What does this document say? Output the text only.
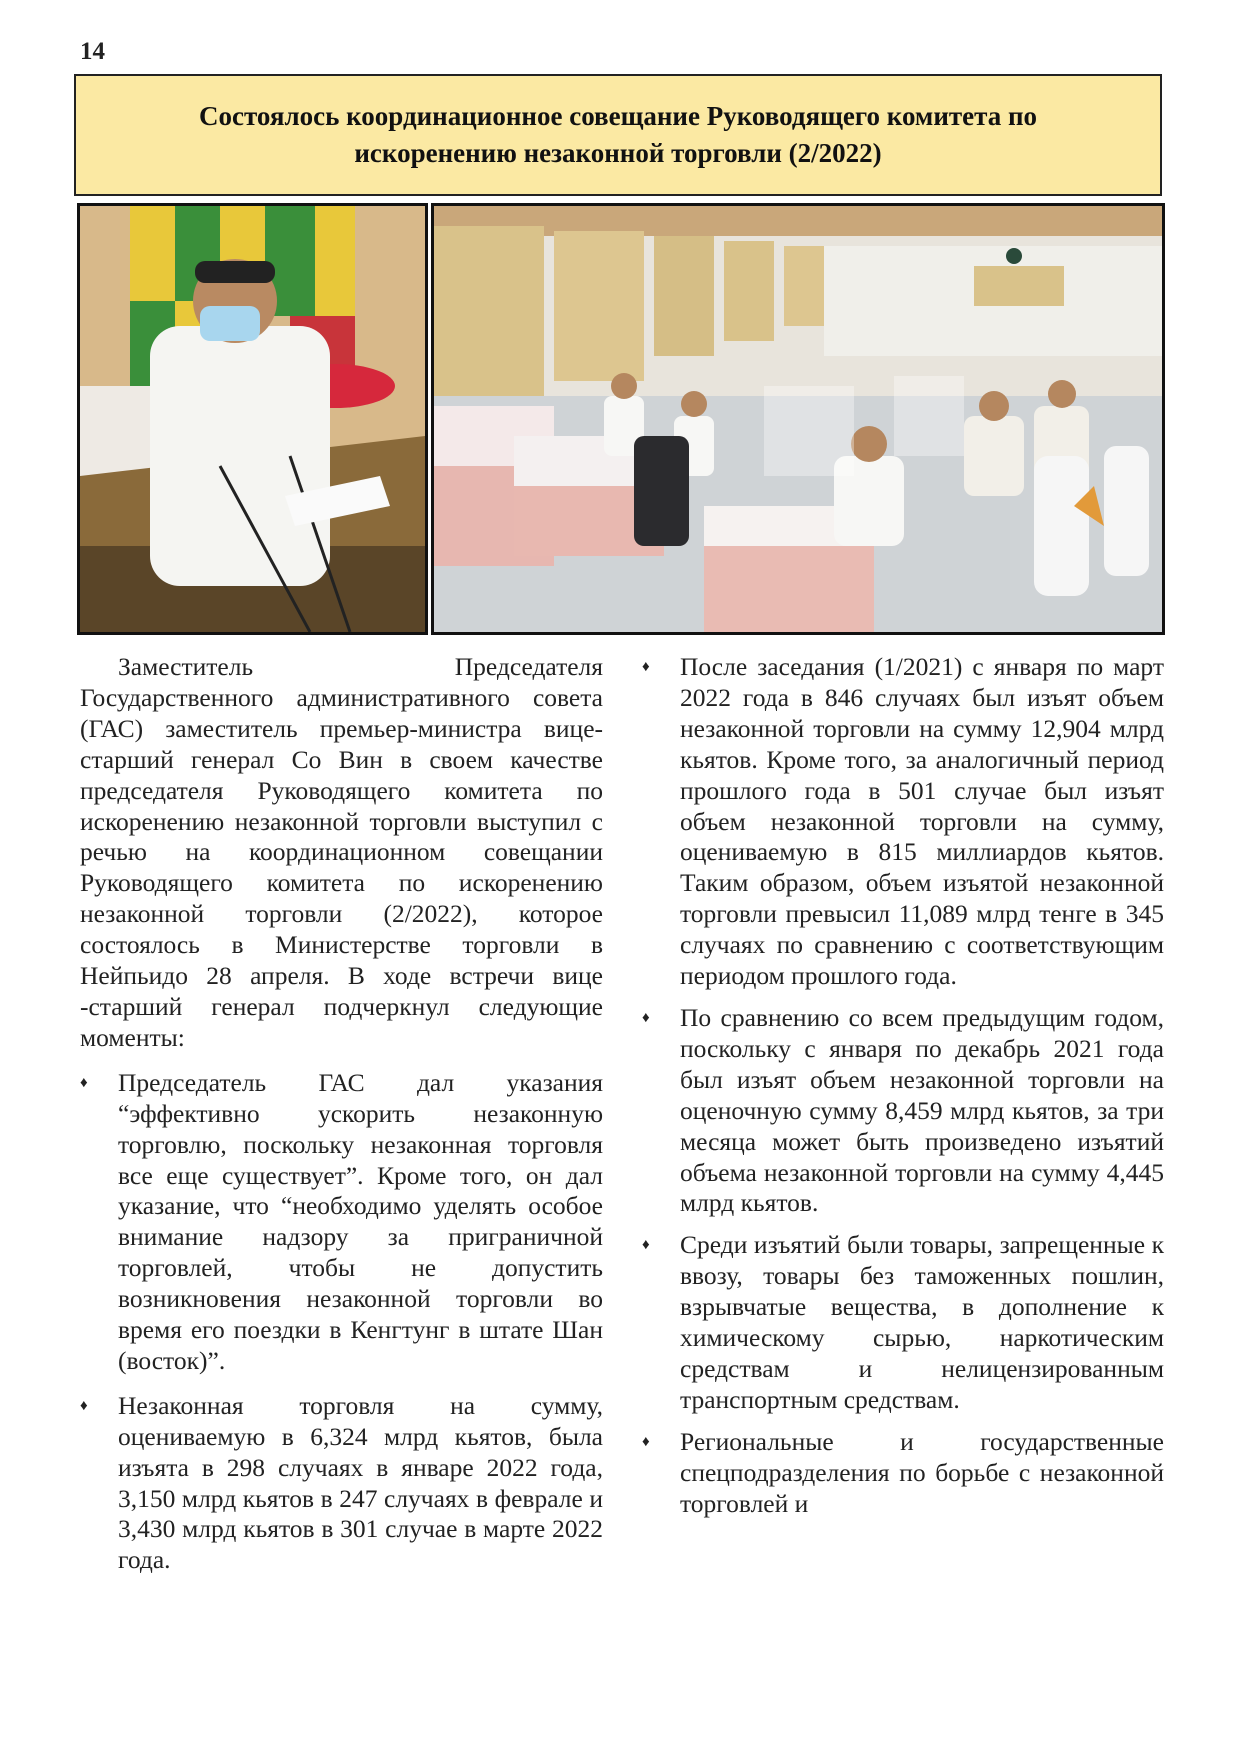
14
Состоялось координационное совещание Руководящего комитета по
искоренению незаконной торговли (2/2022)

Заместитель Председателя Государственного административного совета (ГАС) заместитель премьер-министра вице-старший генерал Со Вин в своем качестве председателя Руководящего комитета по искоренению незаконной торговли выступил с речью на координационном совещании Руководящего комитета по искоренению незаконной торговли (2/2022), которое состоялось в Министерстве торговли в Нейпьидо 28 апреля. В ходе встречи вице -старший генерал подчеркнул следующие моменты:

♦ Председатель ГАС дал указания “эффективно ускорить незаконную торговлю, поскольку незаконная торговля все еще существует”. Кроме того, он дал указание, что “необходимо уделять особое внимание надзору за приграничной торговлей, чтобы не допустить возникновения незаконной торговли во время его поездки в Кенгтунг в штате Шан (восток)”.
♦ Незаконная торговля на сумму, оцениваемую в 6,324 млрд кьятов, была изъята в 298 случаях в январе 2022 года, 3,150 млрд кьятов в 247 случаях в феврале и 3,430 млрд кьятов в 301 случае в марте 2022 года.
♦ После заседания (1/2021) с января по март 2022 года в 846 случаях был изъят объем незаконной торговли на сумму 12,904 млрд кьятов. Кроме того, за аналогичный период прошлого года в 501 случае был изъят объем незаконной торговли на сумму, оцениваемую в 815 миллиардов кьятов. Таким образом, объем изъятой незаконной торговли превысил 11,089 млрд тенге в 345 случаях по сравнению с соответствующим периодом прошлого года.
♦ По сравнению со всем предыдущим годом, поскольку с января по декабрь 2021 года был изъят объем незаконной торговли на оценочную сумму 8,459 млрд кьятов, за три месяца может быть произведено изъятий объема незаконной торговли на сумму 4,445 млрд кьятов.
♦ Среди изъятий были товары, запрещенные к ввозу, товары без таможенных пошлин, взрывчатые вещества, в дополнение к химическому сырью, наркотическим средствам и нелицензированным транспортным средствам.
♦ Региональные и государственные спецподразделения по борьбе с незаконной торговлей и
